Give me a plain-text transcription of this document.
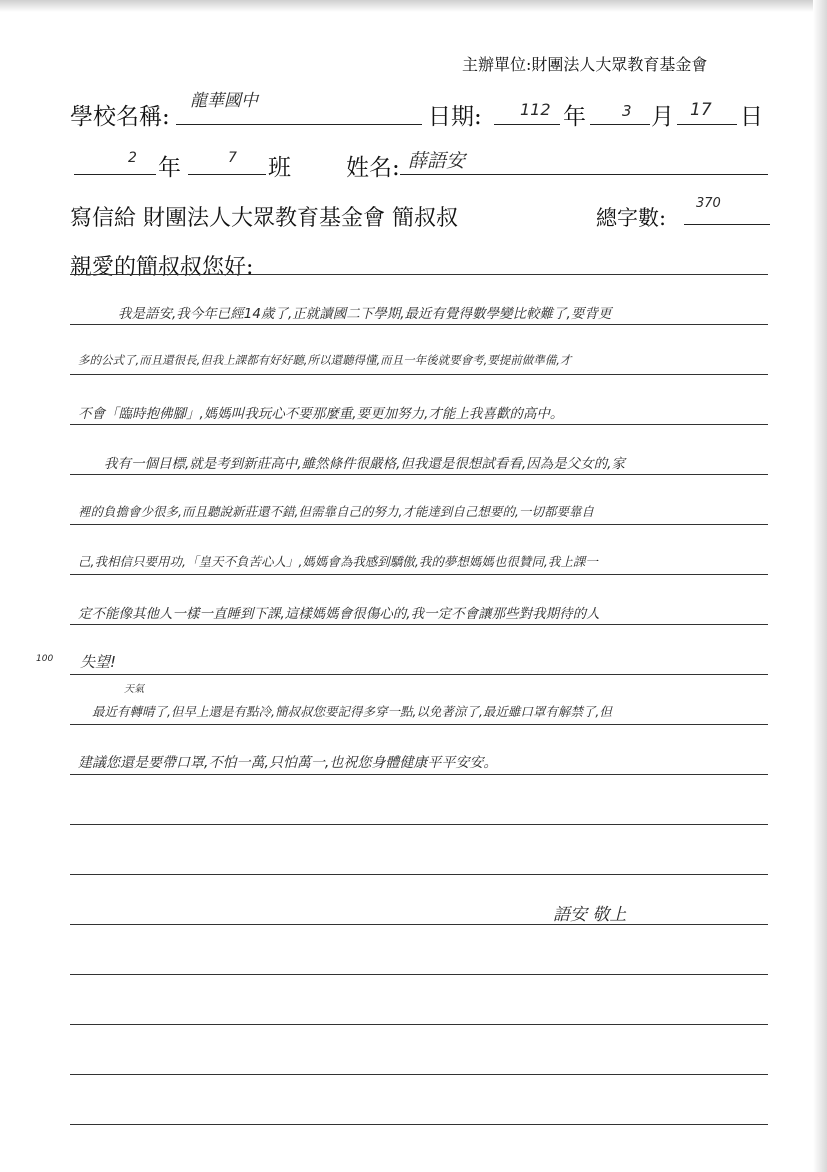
主辦單位:財團法人大眾教育基金會
學校名稱:
龍華國中
日期: 112 年 3 月 17 日
2 年	7 班 姓名: 薛語安
寫信給 財團法人大眾教育基金會 簡叔叔	總字數:
370
親愛的簡叔叔您好:
我是語安,我今年已經14歲了,正就讀國二下學期,最近有覺得數學變比較難了,要背更
多的公式了,而且還很長,但我上課都有好好聽,所以還聽得懂,而且一年後就要會考,要提前做準備,才
不會「臨時抱佛腳」,媽媽叫我玩心不要那麼重,要更加努力,才能上我喜歡的高中。
我有一個目標,就是考到新莊高中,雖然條件很嚴格,但我還是很想試看看,因為是父女的,家
裡的負擔會少很多,而且聽說新莊還不錯,但需靠自己的努力,才能達到自己想要的,一切都要靠自
己,我相信只要用功,「皇天不負苦心人」,媽媽會為我感到驕傲,我的夢想媽媽也很贊同,我上課一
定不能像其他人一樣一直睡到下課,這樣媽媽會很傷心的,我一定不會讓那些對我期待的人
100 失望!
天氣
最近有轉晴了,但早上還是有點冷,簡叔叔您要記得多穿一點,以免著涼了,最近雖口罩有解禁了,但
建議您還是要帶口罩,不怕一萬,只怕萬一,也祝您身體健康平平安安。
語安 敬上
